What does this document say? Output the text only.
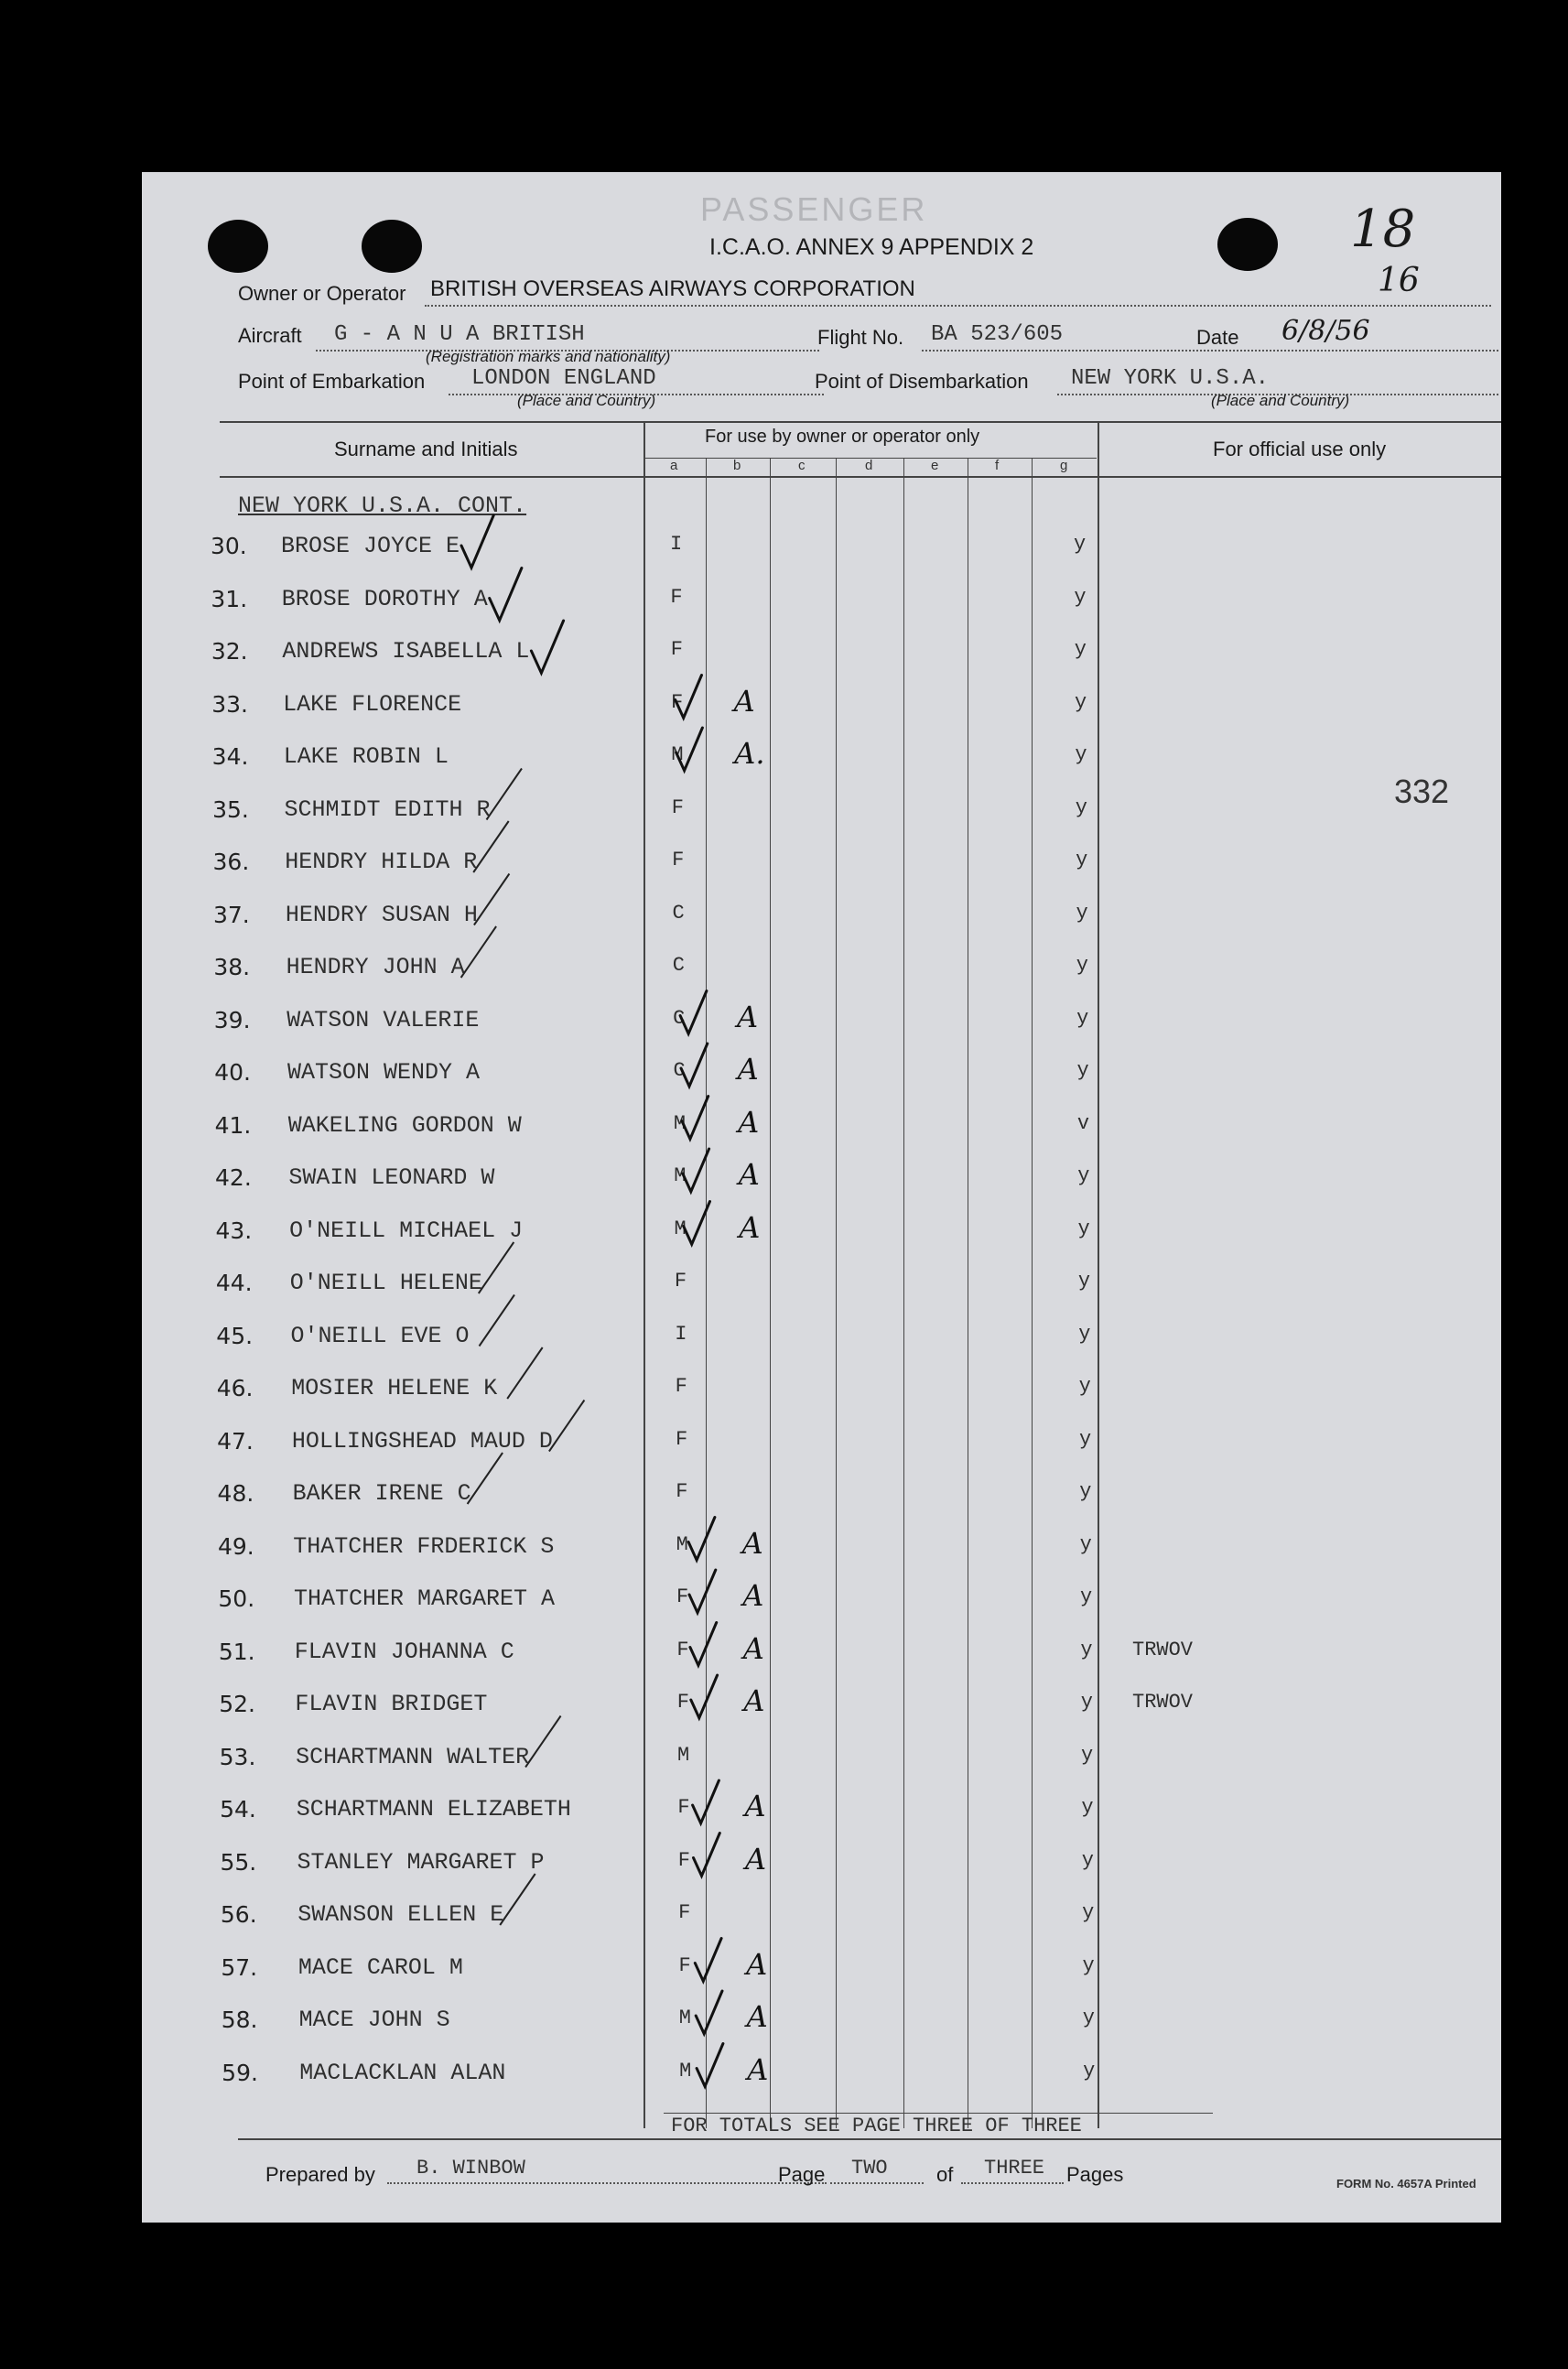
PASSENGER
I.C.A.O. ANNEX 9 APPENDIX 2	18
16
Owner or Operator BRITISH OVERSEAS AIRWAYS CORPORATION
Aircraft G - A N U A BRITISH
(Registration marks and nationality)
Flight No. BA 523/605	Date 6/8/56
Point of Embarkation LONDON ENGLAND
(Place and Country)
Point of Disembarkation NEW YORK U.S.A.
(Place and Country)
Surname and Initials
For use by owner or operator only
For official use only
a	b	c	d	e	f	g
NEW YORK U.S.A. CONT.
332
30. BROSE JOYCE E	I	y
31. BROSE DOROTHY A	F	y
32. ANDREWS ISABELLA L	F	y
33. LAKE FLORENCE	F A	y
34. LAKE ROBIN L	M A.	y
35. SCHMIDT EDITH R	F	y
36. HENDRY HILDA R	F	y
37. HENDRY SUSAN H	C	y
38. HENDRY JOHN A	C	y
39. WATSON VALERIE	C A	y
40. WATSON WENDY A	C A	y
41. WAKELING GORDON W	M A	v
42. SWAIN LEONARD W	M A	y
43. O'NEILL MICHAEL J	M A	y
44. O'NEILL HELENE	F	y
45. O'NEILL EVE O	I	y
46. MOSIER HELENE K	F	y
47. HOLLINGSHEAD MAUD D	F	y
48. BAKER IRENE C	F	y
49. THATCHER FRDERICK S	M A	y
50. THATCHER MARGARET A	F A	y
51. FLAVIN JOHANNA C	F A	y TRWOV
52. FLAVIN BRIDGET	F A	y TRWOV
53. SCHARTMANN WALTER	M	y
54. SCHARTMANN ELIZABETH	F A	y
55. STANLEY MARGARET P	F A	y
56. SWANSON ELLEN E	F	y
57. MACE CAROL M	F A	y
58. MACE JOHN S	M A	y
59. MACLACKLAN ALAN	M A	y
FOR TOTALS SEE PAGE THREE OF THREE
Prepared by B. WINBOW	Page TWO of THREE Pages	FORM No. 4657A Printed
